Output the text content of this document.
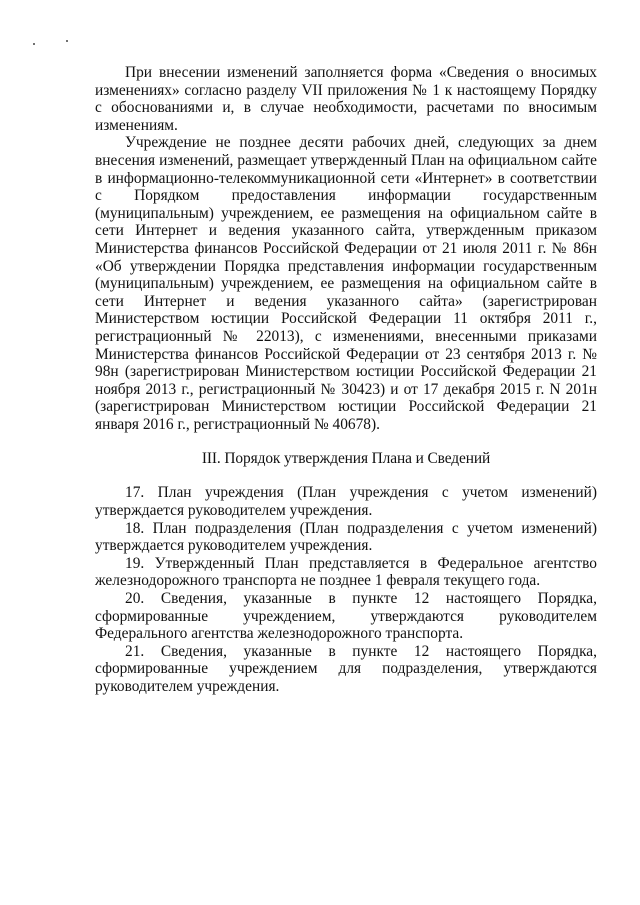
При внесении изменений заполняется форма «Сведения о вносимых изменениях» согласно разделу VII приложения № 1 к настоящему Порядку с обоснованиями и, в случае необходимости, расчетами по вносимым изменениям.

Учреждение не позднее десяти рабочих дней, следующих за днем внесения изменений, размещает утвержденный План на официальном сайте в информационно-телекоммуникационной сети «Интернет» в соответствии с Порядком предоставления информации государственным (муниципальным) учреждением, ее размещения на официальном сайте в сети Интернет и ведения указанного сайта, утвержденным приказом Министерства финансов Российской Федерации от 21 июля 2011 г. № 86н «Об утверждении Порядка представления информации государственным (муниципальным) учреждением, ее размещения на официальном сайте в сети Интернет и ведения указанного сайта» (зарегистрирован Министерством юстиции Российской Федерации 11 октября 2011 г., регистрационный № 22013), с изменениями, внесенными приказами Министерства финансов Российской Федерации от 23 сентября 2013 г. № 98н (зарегистрирован Министерством юстиции Российской Федерации 21 ноября 2013 г., регистрационный № 30423) и от 17 декабря 2015 г. N 201н (зарегистрирован Министерством юстиции Российской Федерации 21 января 2016 г., регистрационный № 40678).

III. Порядок утверждения Плана и Сведений

17. План учреждения (План учреждения с учетом изменений) утверждается руководителем учреждения.

18. План подразделения (План подразделения с учетом изменений) утверждается руководителем учреждения.

19. Утвержденный План представляется в Федеральное агентство железнодорожного транспорта не позднее 1 февраля текущего года.

20. Сведения, указанные в пункте 12 настоящего Порядка, сформированные учреждением, утверждаются руководителем Федерального агентства железнодорожного транспорта.

21. Сведения, указанные в пункте 12 настоящего Порядка, сформированные учреждением для подразделения, утверждаются руководителем учреждения.
